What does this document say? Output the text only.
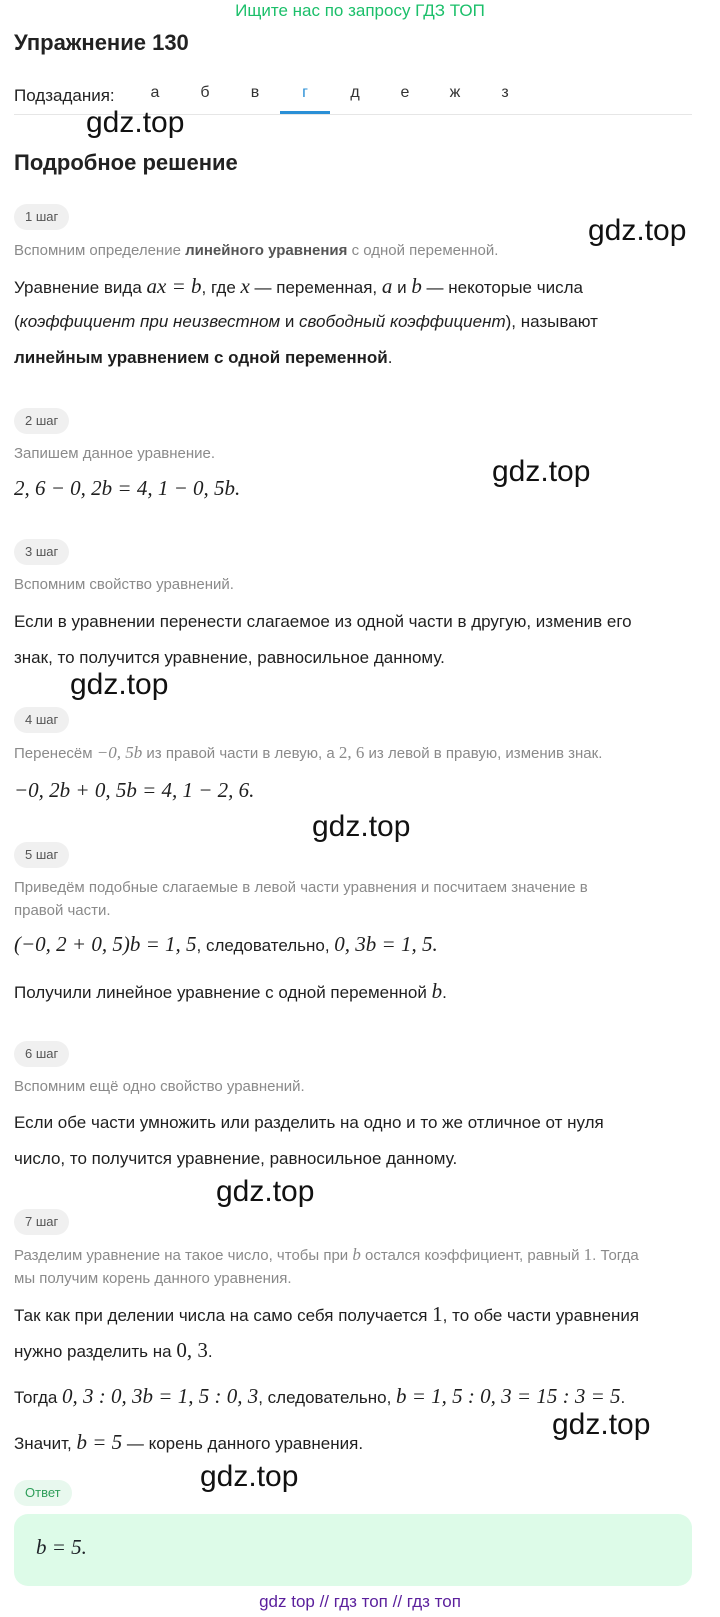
Ищите нас по запросу ГДЗ ТОП
Упражнение 130
Подзадания:	а	б	в	г	д	е	ж	з
Подробное решение
gdz.top
gdz.top
gdz.top
gdz.top
gdz.top
gdz.top
gdz.top
gdz.top
1 шаг
Вспомним определение линейного уравнения с одной переменной.
Уравнение вида ax = b, где x — переменная, a и b — некоторые числа
(коэффициент при неизвестном и свободный коэффициент), называют
линейным уравнением с одной переменной.
2 шаг
Запишем данное уравнение.
2, 6 − 0, 2b = 4, 1 − 0, 5b.
3 шаг
Вспомним свойство уравнений.
Если в уравнении перенести слагаемое из одной части в другую, изменив его
знак, то получится уравнение, равносильное данному.
4 шаг
Перенесём −0, 5b из правой части в левую, а 2, 6 из левой в правую, изменив знак.
−0, 2b + 0, 5b = 4, 1 − 2, 6.
5 шаг
Приведём подобные слагаемые в левой части уравнения и посчитаем значение в
правой части.
(−0, 2 + 0, 5)b = 1, 5, следовательно, 0, 3b = 1, 5.
Получили линейное уравнение с одной переменной b.
6 шаг
Вспомним ещё одно свойство уравнений.
Если обе части умножить или разделить на одно и то же отличное от нуля
число, то получится уравнение, равносильное данному.
7 шаг
Разделим уравнение на такое число, чтобы при b остался коэффициент, равный 1. Тогда
мы получим корень данного уравнения.
Так как при делении числа на само себя получается 1, то обе части уравнения
нужно разделить на 0, 3.
Тогда 0, 3 : 0, 3b = 1, 5 : 0, 3, следовательно, b = 1, 5 : 0, 3 = 15 : 3 = 5.
Значит, b = 5 — корень данного уравнения.
Ответ
b = 5.
gdz top // гдз топ // гдз топ
